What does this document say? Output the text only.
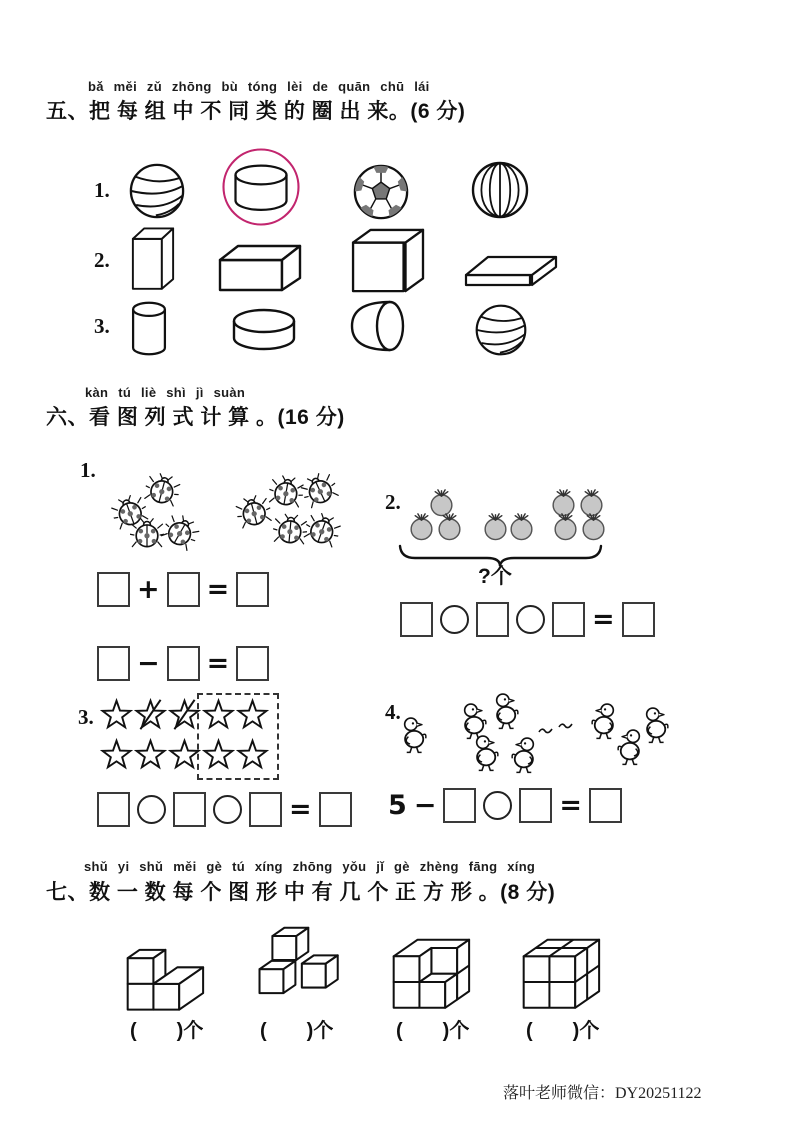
bǎ měi zǔ zhōng bù tóng lèi de quān chū lái
五、把 每 组 中 不 同 类 的 圈 出 来。(6 分)
1.
2.
3.
kàn tú liè shì jì suàn
六、看 图 列 式 计 算 。(16 分)
1.
+ =
− =
2.
?个
=
3.
=
4.
5 −	=
shǔ yi shǔ měi gè tú xíng zhōng yǒu jǐ gè zhèng fāng xíng
七、数 一 数 每 个 图 形 中 有 几 个 正 方 形 。(8 分)
(　　)个	(　　)个	(　　)个	(　　)个
落叶老师微信：DY20251122
